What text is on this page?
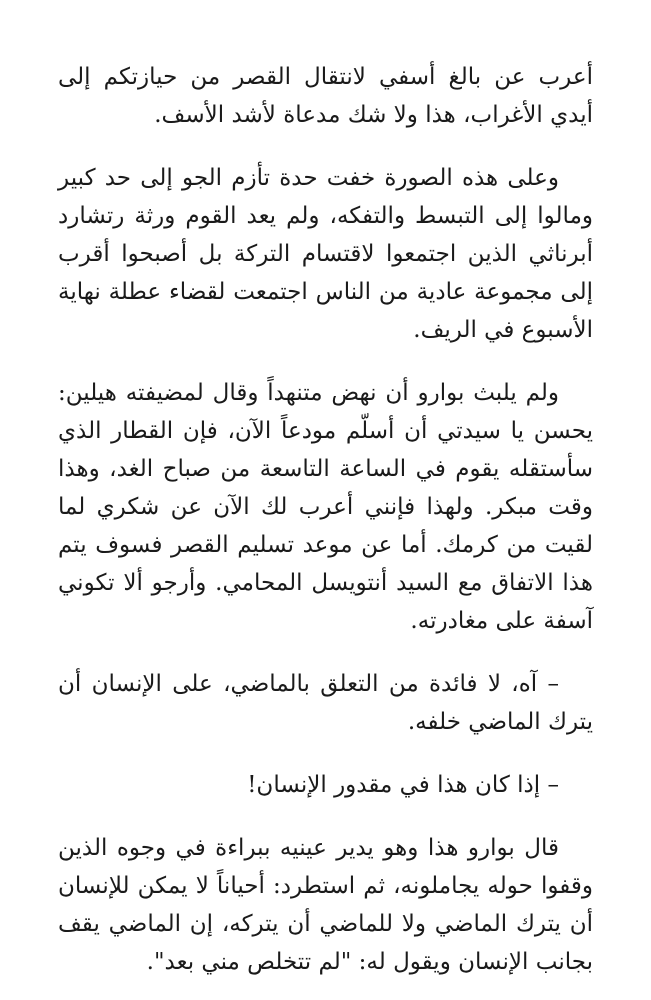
أعرب عن بالغ أسفي لانتقال القصر من حيازتكم إلى أيدي الأغراب، هذا ولا شك مدعاة لأشد الأسف.

وعلى هذه الصورة خفت حدة تأزم الجو إلى حد كبير ومالوا إلى التبسط والتفكه، ولم يعد القوم ورثة رتشارد أبرناثي الذين اجتمعوا لاقتسام التركة بل أصبحوا أقرب إلى مجموعة عادية من الناس اجتمعت لقضاء عطلة نهاية الأسبوع في الريف.

ولم يلبث بوارو أن نهض متنهداً وقال لمضيفته هيلين: يحسن يا سيدتي أن أسلّم مودعاً الآن، فإن القطار الذي سأستقله يقوم في الساعة التاسعة من صباح الغد، وهذا وقت مبكر. ولهذا فإنني أعرب لك الآن عن شكري لما لقيت من كرمك. أما عن موعد تسليم القصر فسوف يتم هذا الاتفاق مع السيد أنتويسل المحامي. وأرجو ألا تكوني آسفة على مغادرته.

– آه، لا فائدة من التعلق بالماضي، على الإنسان أن يترك الماضي خلفه.

– إذا كان هذا في مقدور الإنسان!

قال بوارو هذا وهو يدير عينيه ببراءة في وجوه الذين وقفوا حوله يجاملونه، ثم استطرد: أحياناً لا يمكن للإنسان أن يترك الماضي ولا للماضي أن يتركه، إن الماضي يقف بجانب الإنسان ويقول له: "لم تتخلص مني بعد".
